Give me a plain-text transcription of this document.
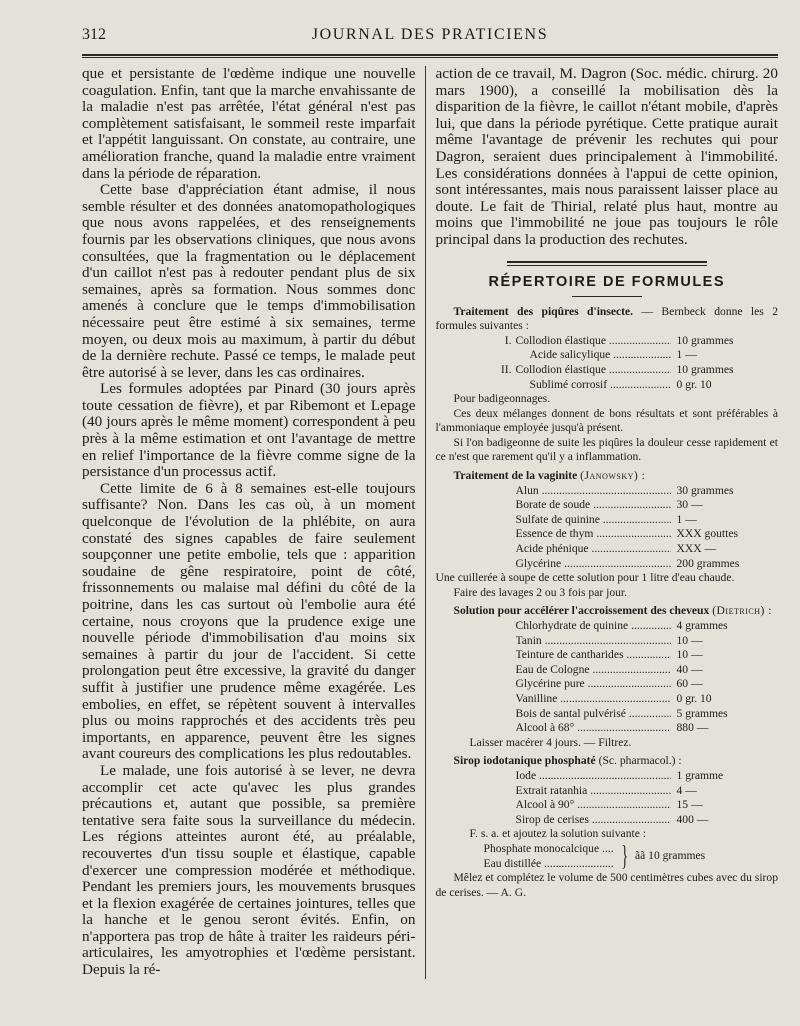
312	JOURNAL DES PRATICIENS

que et persistante de l'œdème indique une nouvelle coagulation. Enfin, tant que la marche envahissante de la maladie n'est pas arrêtée, l'état général n'est pas complètement satisfaisant, le sommeil reste imparfait et l'appétit languissant. On constate, au contraire, une amélioration franche, quand la maladie entre vraiment dans la période de réparation.

Cette base d'appréciation étant admise, il nous semble résulter et des données anatomopathologiques que nous avons rappelées, et des renseignements fournis par les observations cliniques, que nous avons consultées, que la fragmentation ou le déplacement d'un caillot n'est pas à redouter pendant plus de six semaines, après sa formation. Nous sommes donc amenés à conclure que le temps d'immobilisation nécessaire peut être estimé à six semaines, terme moyen, ou deux mois au maximum, à partir du début de la dernière rechute. Passé ce temps, le malade peut être autorisé à se lever, dans les cas ordinaires.

Les formules adoptées par Pinard (30 jours après toute cessation de fièvre), et par Ribemont et Lepage (40 jours après le même moment) correspondent à peu près à la même estimation et ont l'avantage de mettre en relief l'importance de la fièvre comme signe de la persistance d'un processus actif.

Cette limite de 6 à 8 semaines est-elle toujours suffisante? Non. Dans les cas où, à un moment quelconque de l'évolution de la phlébite, on aura constaté des signes capables de faire seulement soupçonner une petite embolie, tels que : apparition soudaine de gêne respiratoire, point de côté, frissonnements ou malaise mal défini du côté de la poitrine, dans les cas surtout où l'embolie aura été certaine, nous croyons que la prudence exige une nouvelle période d'immobilisation d'au moins six semaines à partir du jour de l'accident. Si cette prolongation peut être excessive, la gravité du danger suffit à justifier une prudence même exagérée. Les embolies, en effet, se répètent souvent à intervalles plus ou moins rapprochés et des accidents très peu importants, en apparence, peuvent être les signes avant coureurs des complications les plus redoutables.

Le malade, une fois autorisé à se lever, ne devra accomplir cet acte qu'avec les plus grandes précautions et, autant que possible, sa première tentative sera faite sous la surveillance du médecin. Les régions atteintes auront été, au préalable, recouvertes d'un tissu souple et élastique, capable d'exercer une compression modérée et méthodique. Pendant les premiers jours, les mouvements brusques et la flexion exagérée de certaines jointures, telles que la hanche et le genou seront évités. Enfin, on n'apportera pas trop de hâte à traiter les raideurs péri-articulaires, les amyotrophies et l'œdème persistant. Depuis la ré-

action de ce travail, M. Dagron (Soc. médic. chirurg. 20 mars 1900), a conseillé la mobilisation dès la disparition de la fièvre, le caillot n'étant mobile, d'après lui, que dans la période pyrétique. Cette pratique aurait même l'avantage de prévenir les rechutes qui pour Dagron, seraient dues principalement à l'immobilité. Les considérations données à l'appui de cette opinion, sont intéressantes, mais nous paraissent laisser place au doute. Le fait de Thirial, relaté plus haut, montre au moins que l'immobilité ne joue pas toujours le rôle principal dans la production des rechutes.

RÉPERTOIRE DE FORMULES

Traitement des piqûres d'insecte. — Bernbeck donne les 2 formules suivantes :

I. Collodion élastique .....	10 grammes
Acide salicylique .....	1 —
II. Collodion élastique .....	10 grammes
Sublimé corrosif .....	0 gr. 10

Pour badigeonnages.

Ces deux mélanges donnent de bons résultats et sont préférables à l'ammoniaque employée jusqu'à présent.

Si l'on badigeonne de suite les piqûres la douleur cesse rapidement et ce n'est que rarement qu'il y a inflammation.

Traitement de la vaginite (Janowsky) :

Alun .....	30 grammes
Borate de soude .....	30 —
Sulfate de quinine .....	1 —
Essence de thym .....	XXX gouttes
Acide phénique .....	XXX —
Glycérine .....	200 grammes

Une cuillerée à soupe de cette solution pour 1 litre d'eau chaude.

Faire des lavages 2 ou 3 fois par jour.

Solution pour accélérer l'accroissement des cheveux (Dietrich) :

Chlorhydrate de quinine .....	4 grammes
Tanin .....	10 —
Teinture de cantharides .....	10 —
Eau de Cologne .....	40 —
Glycérine pure .....	60 —
Vanilline .....	0 gr. 10
Bois de santal pulvérisé .....	5 grammes
Alcool à 68° .....	880 —

Laisser macérer 4 jours. — Filtrez.

Sirop iodotanique phosphaté (Sc. pharmacol.) :

Iode .....	1 gramme
Extrait ratanhia .....	4 —
Alcool à 90° .....	15 —
Sirop de cerises .....	400 —

F. s. a. et ajoutez la solution suivante :

Phosphate monocalcique .....
Eau distillée .....	} ãã 10 grammes

Mêlez et complétez le volume de 500 centimètres cubes avec du sirop de cerises. — A. G.
